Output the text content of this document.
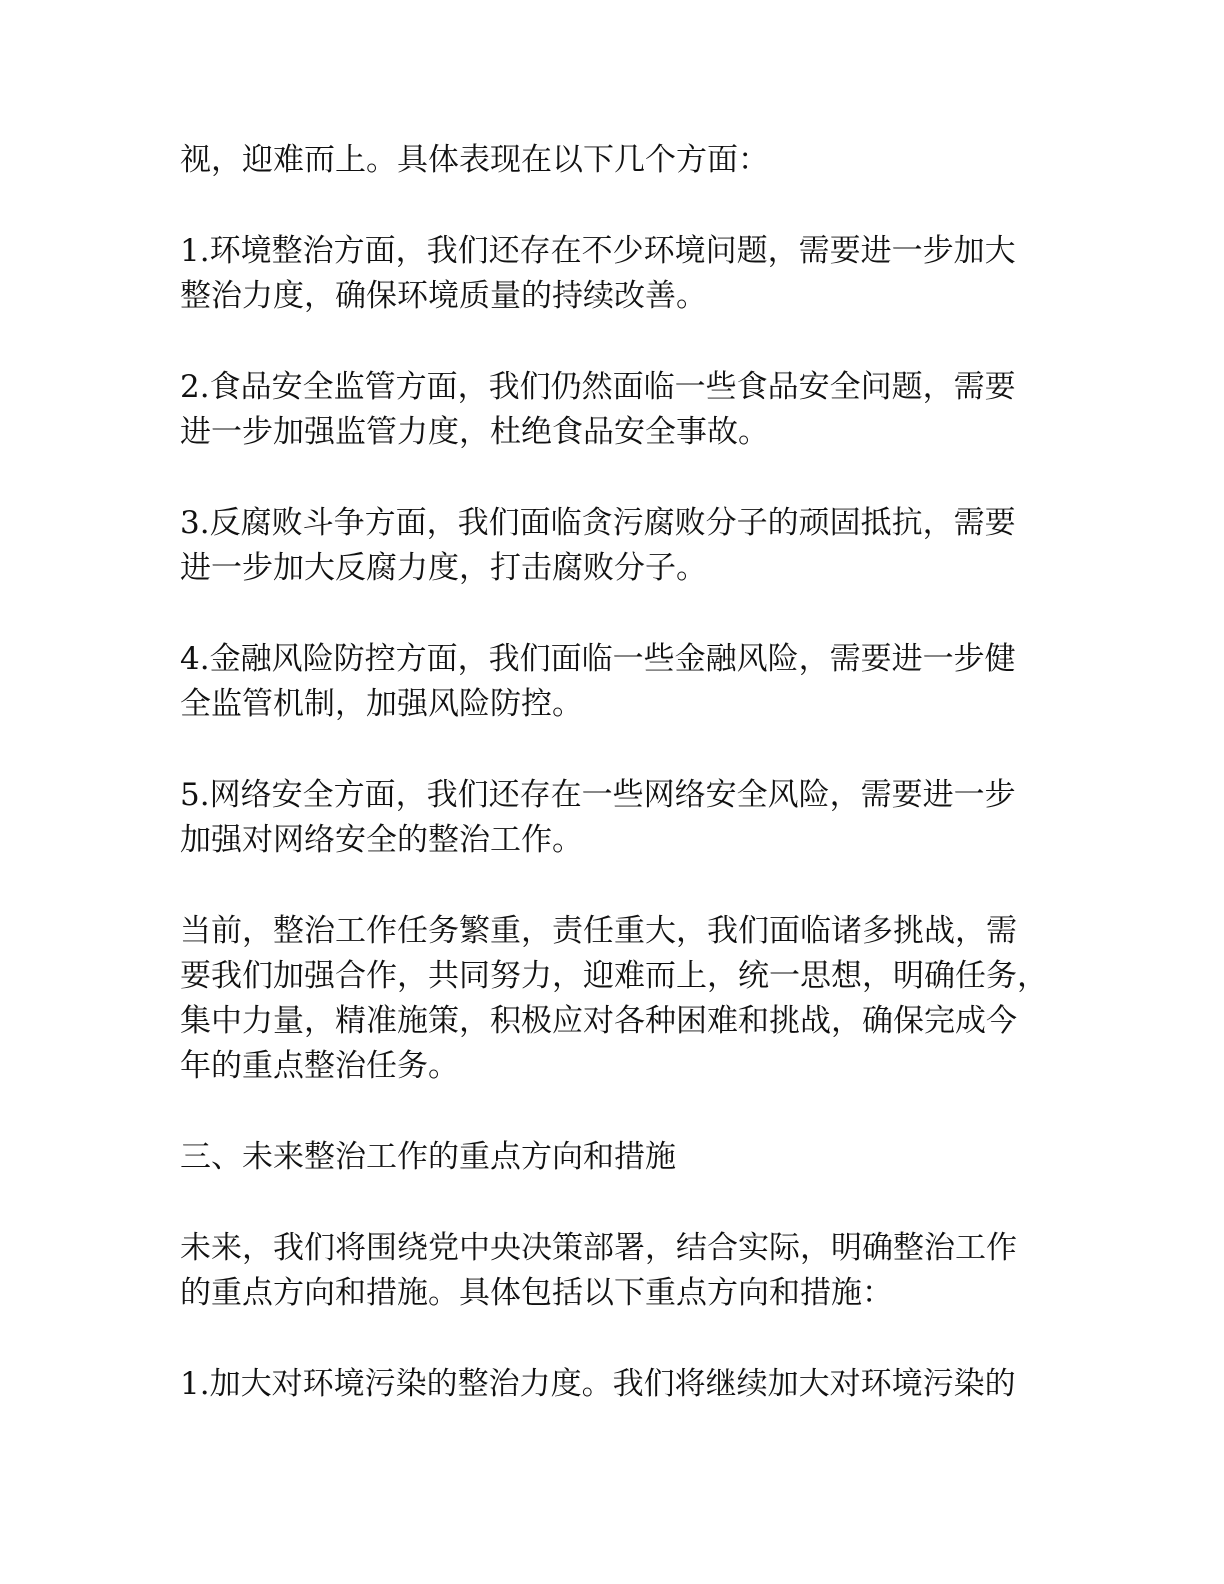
视，迎难而上。具体表现在以下几个方面：

1.环境整治方面，我们还存在不少环境问题，需要进一步加大
整治力度，确保环境质量的持续改善。

2.食品安全监管方面，我们仍然面临一些食品安全问题，需要
进一步加强监管力度，杜绝食品安全事故。

3.反腐败斗争方面，我们面临贪污腐败分子的顽固抵抗，需要
进一步加大反腐力度，打击腐败分子。

4.金融风险防控方面，我们面临一些金融风险，需要进一步健
全监管机制，加强风险防控。

5.网络安全方面，我们还存在一些网络安全风险，需要进一步
加强对网络安全的整治工作。

当前，整治工作任务繁重，责任重大，我们面临诸多挑战，需
要我们加强合作，共同努力，迎难而上，统一思想，明确任务，
集中力量，精准施策，积极应对各种困难和挑战，确保完成今
年的重点整治任务。

三、未来整治工作的重点方向和措施

未来，我们将围绕党中央决策部署，结合实际，明确整治工作
的重点方向和措施。具体包括以下重点方向和措施：

1.加大对环境污染的整治力度。我们将继续加大对环境污染的
